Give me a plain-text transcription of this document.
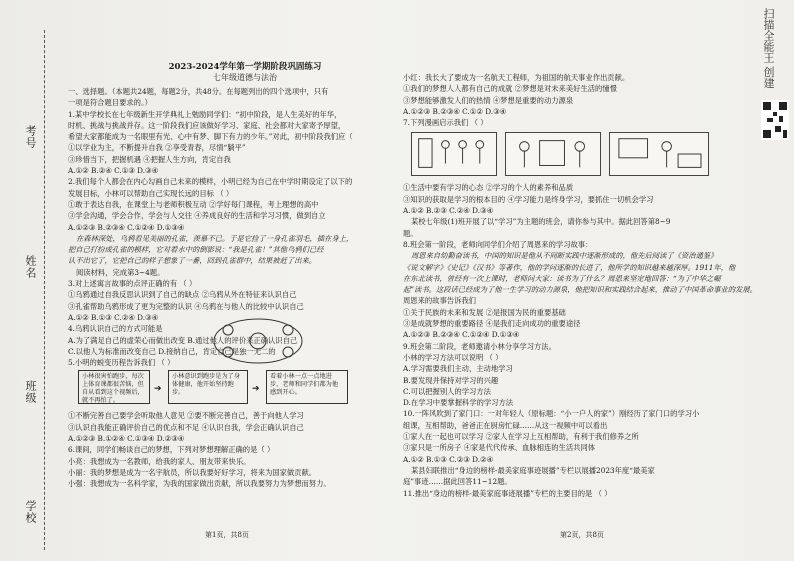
学校
班级
姓名
考号
2023-2024学年第一学期阶段巩固练习
七年级道德与法治

一、选择题。（本题共24题，每题2分，共48分。在每题列出的四个选项中，只有

一项是符合题目要求的。）

1.某中学校长在七年级新生开学典礼上勉励同学们：“初中阶段，是人生美好的年华，

时机、挑战与挑战并存。这一阶段我们应该做好学习、家庭、社会都对大家寄予厚望，

希望大家都能成为一名眼里有光、心中有梦、脚下有力的少年。”对此，初中阶段我们应（

①以学业为主，不断提升自我 ②享受青春，尽情“躺平”

③珍惜当下，把握机遇 ④把握人生方向，肯定自我

A.①② B.②④ C.①③ D.③④

2.我们每个人都会在内心勾画自己未来的模样，小明已经为自己在中学时期设定了以下的

发展目标，小林可以帮助自己实现长远的目标 （ ）

①敢于表达自我，在课堂上与老师积极互动 ②学好每门课程，考上理想的高中

③学会沟通，学会合作，学会与人交往 ④养成良好的生活和学习习惯，做到自立

A.①②③ B.②③④ C.①②④ D.①③④

在森林深处，乌鸦看见美丽的孔雀，羡慕不已。于是它捡了一身孔雀羽毛，插在身上，

把自己打扮成孔雀的模样，它对着水中的倒影说：“我是孔雀！”其他乌鸦们已经

认不出它了，它把自己的样子想象了一番，回到孔雀群中，结果被赶了出来。

阅读材料，完成第3~4题。

3.对上述寓言故事的点评正确的有 （ ）

①乌鸦通过自我反思认识到了自己的缺点 ②乌鸦从外在特征来认识自己

③孔雀帮助乌鸦形成了更为完整的认识 ④乌鸦在与他人的比较中认识自己

A.①② B.①③ C.②④ D.③④

4.乌鸦认识自己的方式可能是

A.为了满足自己的虚荣心而做出改变 B.通过他人的评价来正确认识自己

C.以他人为标准而改变自己 D.接纳自己，肯定自己是独一无二的

5.小明的蜕变历程告诉我们 （ ）

小林很害怕跑步，每次上体育课都很苦恼，但自从看到这个视频后，就不再怕了。
➔
小林意识到跑步是为了身体健康，他开始坚持跑步。	➔
看着小林一点一点地进步，老师和同学们都为他感到开心。

①不断完善自己要学会听取他人意见 ②要不断完善自己，善于向他人学习

③认识自我能正确评价自己的优点和不足 ④认识自我，学会正确认识自己

A.①②③ B.①②④ C.①③④ D.②③④

6.课间，同学们畅谈自己的梦想，下列对梦想理解正确的是（ ）

小亮：我想成为一名教师，给我的家人、朋友带来快乐。

小丽：我的梦想是成为一名宇航员，所以我要好好学习，将来为国家做贡献。

小强：我想成为一名科学家，为我的国家做出贡献，所以我要努力为梦想而努力。

第1页，共8页

小红：我长大了要成为一名航天工程师，为祖国的航天事业作出贡献。

①我们的梦想人人都有自己的成就 ②梦想是对未来美好生活的憧憬

③梦想能够激发人们的热情 ④梦想是重要的动力源泉

A.①②③ B.②③④ C.①② D.③④

7.下列漫画启示我们 （ ）

①生活中要有学习的心态 ②学习的个人的素养和品质

③知识的获取是学习的根本目的 ④学习能力是终身学习，要抓住一切机会学习

A.①② B.②③ C.②④ D.③④

某校七年级(1)班开展了以“学习”为主题的班会，请你参与其中。据此回答第8~9

题。

8.班会第一阶段，老师向同学们介绍了周恩来的学习故事：

周恩来自幼勤奋读书，中国的知识是他从不间断实践中逐渐形成的，他先后阅读了《资治通鉴》

《说文解字》《史记》《汉书》等著作，他的学问逐渐的长进了，他所学的知识越来越深厚。1911年，他

在东北读书，曾经有一次上课时，老师问大家：读书为了什么？周恩来坚定地回答：“为了中华之崛

起”读书。这段话已经成为了他一生学习的动力源泉，他把知识和实践结合起来，推动了中国革命事业的发展。

周恩来的故事告诉我们

①关于民族的未来和发展 ②是报国为民的重要基础

③是成就梦想的重要路径 ④是我们走向成功的重要途径

A.①②③ B.②③④ C.①②④ D.①③④

9.班会第二阶段，老师邀请小林分享学习方法。

小林的学习方法可以说明 （ ）

A.学习需要我们主动，主动地学习

B.要发现并保持对学习的兴趣

C.可以把握别人的学习方法

D.在学习中要掌握科学的学习方法

10.一阵风吹到了家门口：一对年轻人（原标题：“小一户人的家”）刚经历了家门口的学习小

组课，互相帮助，爸爸正在厨房忙碌……从这一视频中可以看出

①家人在一起也可以学习 ②家人在学习上互相帮助，有利于我们修养之所

③家只是一所房子 ④家是代代传承、血脉相连的生活共同体

A.①② B.①③ C.②③ D.②④

某县妇联推出“身边的榜样-最美家庭事迹展播”专栏以展播2023年度“最美家

庭”事迹……据此回答11~12题。

11.推出“身边的榜样-最美家庭事迹展播”专栏的主要目的是 （ ）

第2页，共8页
扫描全能王 创建
